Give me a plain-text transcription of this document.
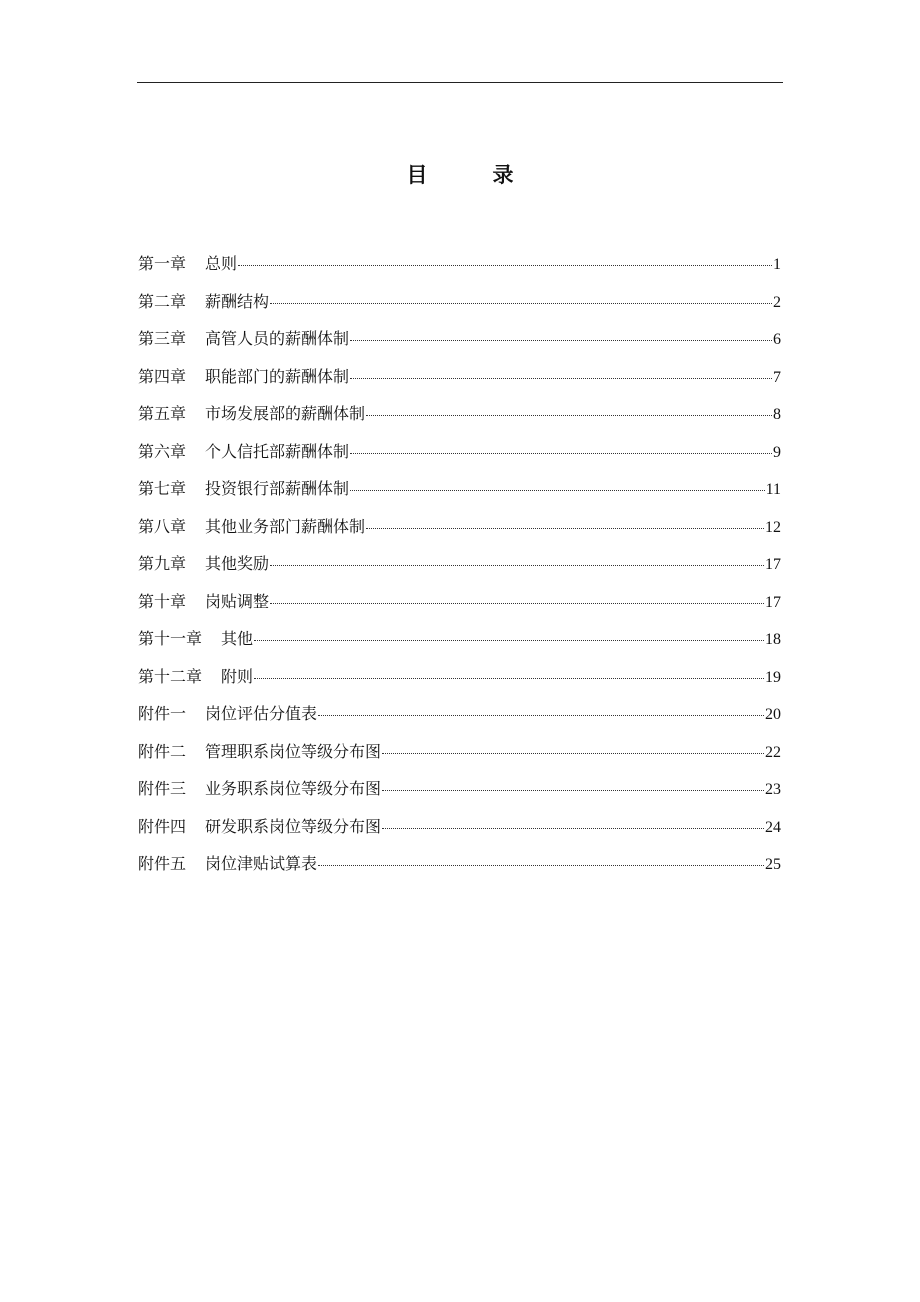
目　录
第一章 总则	1
第二章 薪酬结构	2
第三章 高管人员的薪酬体制	6
第四章 职能部门的薪酬体制	7
第五章 市场发展部的薪酬体制	8
第六章 个人信托部薪酬体制	9
第七章 投资银行部薪酬体制	11
第八章 其他业务部门薪酬体制	12
第九章 其他奖励	17
第十章 岗贴调整	17
第十一章 其他	18
第十二章 附则	19
附件一 岗位评估分值表	20
附件二 管理职系岗位等级分布图	22
附件三 业务职系岗位等级分布图	23
附件四 研发职系岗位等级分布图	24
附件五 岗位津贴试算表	25
